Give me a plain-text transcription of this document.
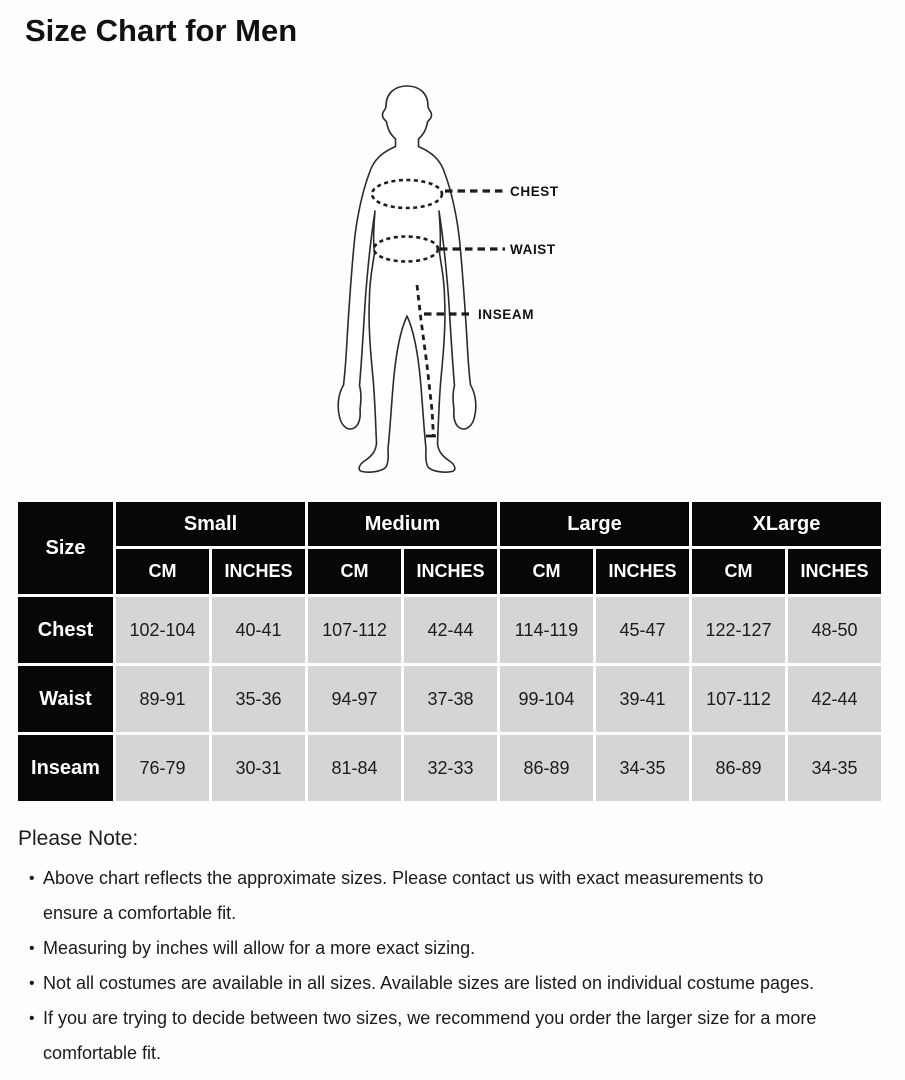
Size Chart for Men
CHEST
WAIST
INSEAM
Size	Small		Medium		Large		XLarge	
	CM	INCHES	CM	INCHES	CM	INCHES	CM	INCHES
Chest	102-104	40-41	107-112	42-44	114-119	45-47	122-127	48-50
Waist	89-91	35-36	94-97	37-38	99-104	39-41	107-112	42-44
Inseam	76-79	30-31	81-84	32-33	86-89	34-35	86-89	34-35

Please Note:

• Above chart reflects the approximate sizes. Please contact us with exact measurements to
ensure a comfortable fit.
• Measuring by inches will allow for a more exact sizing.
• Not all costumes are available in all sizes. Available sizes are listed on individual costume pages.
• If you are trying to decide between two sizes, we recommend you order the larger size for a more
comfortable fit.
